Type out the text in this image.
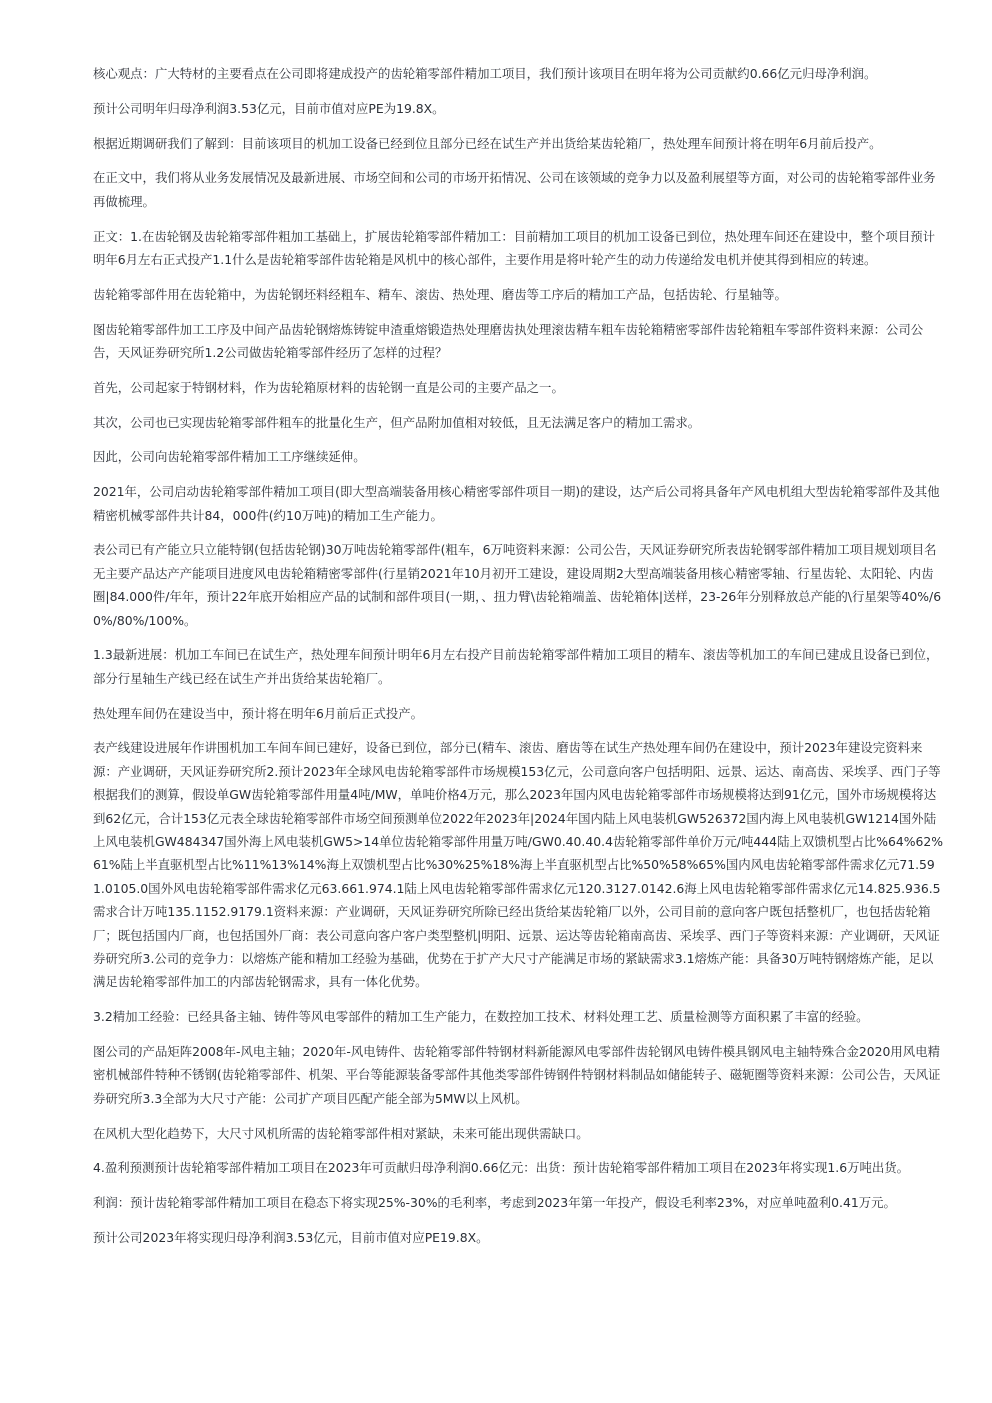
核心观点：广大特材的主要看点在公司即将建成投产的齿轮箱零部件精加工项目，我们预计该项目在明年将为公司贡献约0.66亿元归母净利润。

预计公司明年归母净利润3.53亿元，目前市值对应PE为19.8X。

根据近期调研我们了解到：目前该项目的机加工设备已经到位且部分已经在试生产并出货给某齿轮箱厂，热处理车间预计将在明年6月前后投产。

在正文中，我们将从业务发展情况及最新进展、市场空间和公司的市场开拓情况、公司在该领域的竞争力以及盈利展望等方面，对公司的齿轮箱零部件业务再做梳理。

正文：1.在齿轮钢及齿轮箱零部件粗加工基础上，扩展齿轮箱零部件精加工：目前精加工项目的机加工设备已到位，热处理车间还在建设中，整个项目预计明年6月左右正式投产1.1什么是齿轮箱零部件齿轮箱是风机中的核心部件，主要作用是将叶轮产生的动力传递给发电机并使其得到相应的转速。

齿轮箱零部件用在齿轮箱中，为齿轮钢坯料经粗车、精车、滚齿、热处理、磨齿等工序后的精加工产品，包括齿轮、行星轴等。

图齿轮箱零部件加工工序及中间产品齿轮钢熔炼铸锭申渣重熔锻造热处理磨齿执处理滚齿精车粗车齿轮箱精密零部件齿轮箱粗车零部件资料来源：公司公告，天风证券研究所1.2公司做齿轮箱零部件经历了怎样的过程？

首先，公司起家于特钢材料，作为齿轮箱原材料的齿轮钢一直是公司的主要产品之一。

其次，公司也已实现齿轮箱零部件粗车的批量化生产，但产品附加值相对较低，且无法满足客户的精加工需求。

因此，公司向齿轮箱零部件精加工工序继续延伸。

2021年，公司启动齿轮箱零部件精加工项目(即大型高端装备用核心精密零部件项目一期)的建设，达产后公司将具备年产风电机组大型齿轮箱零部件及其他精密机械零部件共计84，000件(约10万吨)的精加工生产能力。

表公司已有产能立只立能特钢(包括齿轮钢)30万吨齿轮箱零部件(粗车，6万吨资料来源：公司公告，天风证券研究所表齿轮钢零部件精加工项目规划项目名无主要产品达产产能项目进度风电齿轮箱精密零部件(行星销2021年10月初开工建设，建设周期2大型高端装备用核心精密零轴、行星齿轮、太阳轮、内齿圈|84.000件/年年，预计22年底开始相应产品的试制和部件项目(一期，、扭力臂\齿轮箱端盖、齿轮箱体|送样，23-26年分别释放总产能的\行星架等40%/60%/80%/100%。

1.3最新进展：机加工车间已在试生产，热处理车间预计明年6月左右投产目前齿轮箱零部件精加工项目的精车、滚齿等机加工的车间已建成且设备已到位，部分行星轴生产线已经在试生产并出货给某齿轮箱厂。

热处理车间仍在建设当中，预计将在明年6月前后正式投产。

表产线建设进展年作讲围机加工车间车间已建好，设备已到位，部分已(精车、滚齿、磨齿等在试生产热处理车间仍在建设中，预计2023年建设完资料来源：产业调研，天风证券研究所2.预计2023年全球风电齿轮箱零部件市场规模153亿元，公司意向客户包括明阳、远景、运达、南高齿、采埃孚、西门子等根据我们的测算，假设单GW齿轮箱零部件用量4吨/MW，单吨价格4万元，那么2023年国内风电齿轮箱零部件市场规模将达到91亿元，国外市场规模将达到62亿元，合计153亿元表全球齿轮箱零部件市场空间预测单位2022年2023年|2024年国内陆上风电装机GW526372国内海上风电装机GW1214国外陆上风电装机GW484347国外海上风电装机GW5>14单位齿轮箱零部件用量万吨/GW0.40.40.4齿轮箱零部件单价万元/吨444陆上双馈机型占比%64%62%61%陆上半直驱机型占比%11%13%14%海上双馈机型占比%30%25%18%海上半直驱机型占比%50%58%65%国内风电齿轮箱零部件需求亿元71.591.0105.0国外风电齿轮箱零部件需求亿元63.661.974.1陆上风电齿轮箱零部件需求亿元120.3127.0142.6海上风电齿轮箱零部件需求亿元14.825.936.5需求合计万吨135.1152.9179.1资料来源：产业调研，天风证券研究所除已经出货给某齿轮箱厂以外，公司目前的意向客户既包括整机厂，也包括齿轮箱厂；既包括国内厂商，也包括国外厂商：表公司意向客户客户类型整机|明阳、远景、运达等齿轮箱南高齿、采埃孚、西门子等资料来源：产业调研，天风证券研究所3.公司的竞争力：以熔炼产能和精加工经验为基础，优势在于扩产大尺寸产能满足市场的紧缺需求3.1熔炼产能：具备30万吨特钢熔炼产能，足以满足齿轮箱零部件加工的内部齿轮钢需求，具有一体化优势。

3.2精加工经验：已经具备主轴、铸件等风电零部件的精加工生产能力，在数控加工技术、材料处理工艺、质量检测等方面积累了丰富的经验。

图公司的产品矩阵2008年-风电主轴；2020年-风电铸件、齿轮箱零部件特钢材料新能源风电零部件齿轮钢风电铸件模具钢风电主轴特殊合金2020用风电精密机械部件特种不锈钢(齿轮箱零部件、机架、平台等能源装备零部件其他类零部件铸钢件特钢材料制品如储能转子、磁轭圈等资料来源：公司公告，天风证券研究所3.3全部为大尺寸产能：公司扩产项目匹配产能全部为5MW以上风机。

在风机大型化趋势下，大尺寸风机所需的齿轮箱零部件相对紧缺，未来可能出现供需缺口。

4.盈利预测预计齿轮箱零部件精加工项目在2023年可贡献归母净利润0.66亿元：出货：预计齿轮箱零部件精加工项目在2023年将实现1.6万吨出货。

利润：预计齿轮箱零部件精加工项目在稳态下将实现25%-30%的毛利率，考虑到2023年第一年投产，假设毛利率23%，对应单吨盈利0.41万元。

预计公司2023年将实现归母净利润3.53亿元，目前市值对应PE19.8X。
